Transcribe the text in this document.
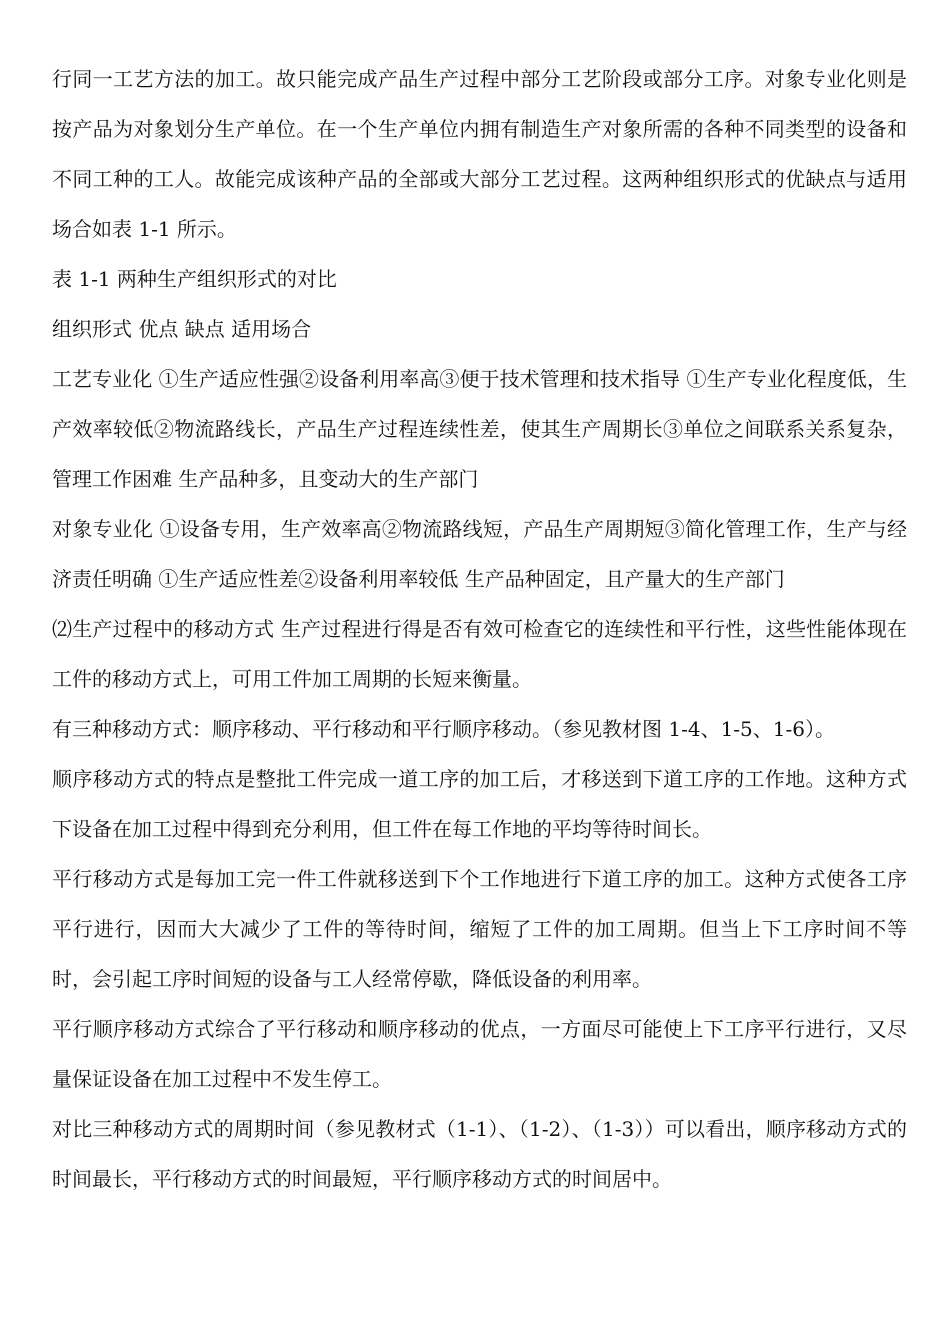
行同一工艺方法的加工。故只能完成产品生产过程中部分工艺阶段或部分工序。对象专业化则是按产品为对象划分生产单位。在一个生产单位内拥有制造生产对象所需的各种不同类型的设备和不同工种的工人。故能完成该种产品的全部或大部分工艺过程。这两种组织形式的优缺点与适用场合如表 1-1 所示。

表 1-1 两种生产组织形式的对比

组织形式 优点 缺点 适用场合

工艺专业化 ①生产适应性强②设备利用率高③便于技术管理和技术指导 ①生产专业化程度低，生产效率较低②物流路线长，产品生产过程连续性差，使其生产周期长③单位之间联系关系复杂，管理工作困难 生产品种多，且变动大的生产部门

对象专业化 ①设备专用，生产效率高②物流路线短，产品生产周期短③简化管理工作，生产与经济责任明确 ①生产适应性差②设备利用率较低 生产品种固定，且产量大的生产部门

⑵生产过程中的移动方式 生产过程进行得是否有效可检查它的连续性和平行性，这些性能体现在工件的移动方式上，可用工件加工周期的长短来衡量。

有三种移动方式：顺序移动、平行移动和平行顺序移动。（参见教材图 1-4、1-5、1-6）。

顺序移动方式的特点是整批工件完成一道工序的加工后，才移送到下道工序的工作地。这种方式下设备在加工过程中得到充分利用，但工件在每工作地的平均等待时间长。

平行移动方式是每加工完一件工件就移送到下个工作地进行下道工序的加工。这种方式使各工序平行进行，因而大大减少了工件的等待时间，缩短了工件的加工周期。但当上下工序时间不等时，会引起工序时间短的设备与工人经常停歇，降低设备的利用率。

平行顺序移动方式综合了平行移动和顺序移动的优点，一方面尽可能使上下工序平行进行，又尽量保证设备在加工过程中不发生停工。

对比三种移动方式的周期时间（参见教材式（1-1）、（1-2）、（1-3））可以看出，顺序移动方式的时间最长，平行移动方式的时间最短，平行顺序移动方式的时间居中。
